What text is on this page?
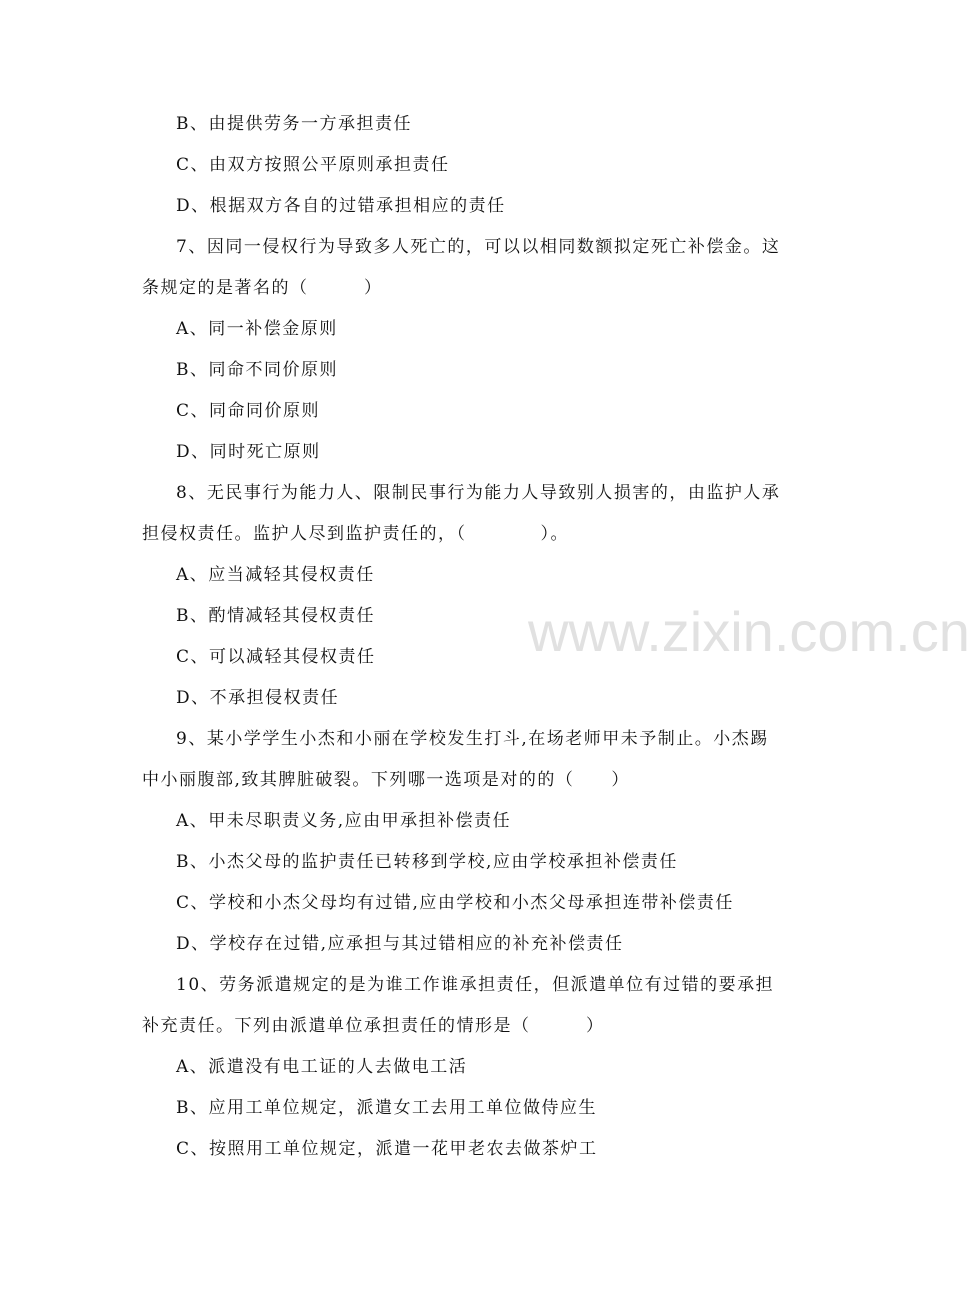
www.zixin.com.cn
B、由提供劳务一方承担责任
C、由双方按照公平原则承担责任
D、根据双方各自的过错承担相应的责任
7、因同一侵权行为导致多人死亡的，可以以相同数额拟定死亡补偿金。这
条规定的是著名的（　　　）
A、同一补偿金原则
B、同命不同价原则
C、同命同价原则
D、同时死亡原则
8、无民事行为能力人、限制民事行为能力人导致别人损害的，由监护人承
担侵权责任。监护人尽到监护责任的，（　　　　）。
A、应当减轻其侵权责任
B、酌情减轻其侵权责任
C、可以减轻其侵权责任
D、不承担侵权责任
9、某小学学生小杰和小丽在学校发生打斗,在场老师甲未予制止。小杰踢
中小丽腹部,致其脾脏破裂。下列哪一选项是对的的（　　）
A、甲未尽职责义务,应由甲承担补偿责任
B、小杰父母的监护责任已转移到学校,应由学校承担补偿责任
C、学校和小杰父母均有过错,应由学校和小杰父母承担连带补偿责任
D、学校存在过错,应承担与其过错相应的补充补偿责任
10、劳务派遣规定的是为谁工作谁承担责任，但派遣单位有过错的要承担
补充责任。下列由派遣单位承担责任的情形是（　　　）
A、派遣没有电工证的人去做电工活
B、应用工单位规定，派遣女工去用工单位做侍应生
C、按照用工单位规定，派遣一花甲老农去做茶炉工
